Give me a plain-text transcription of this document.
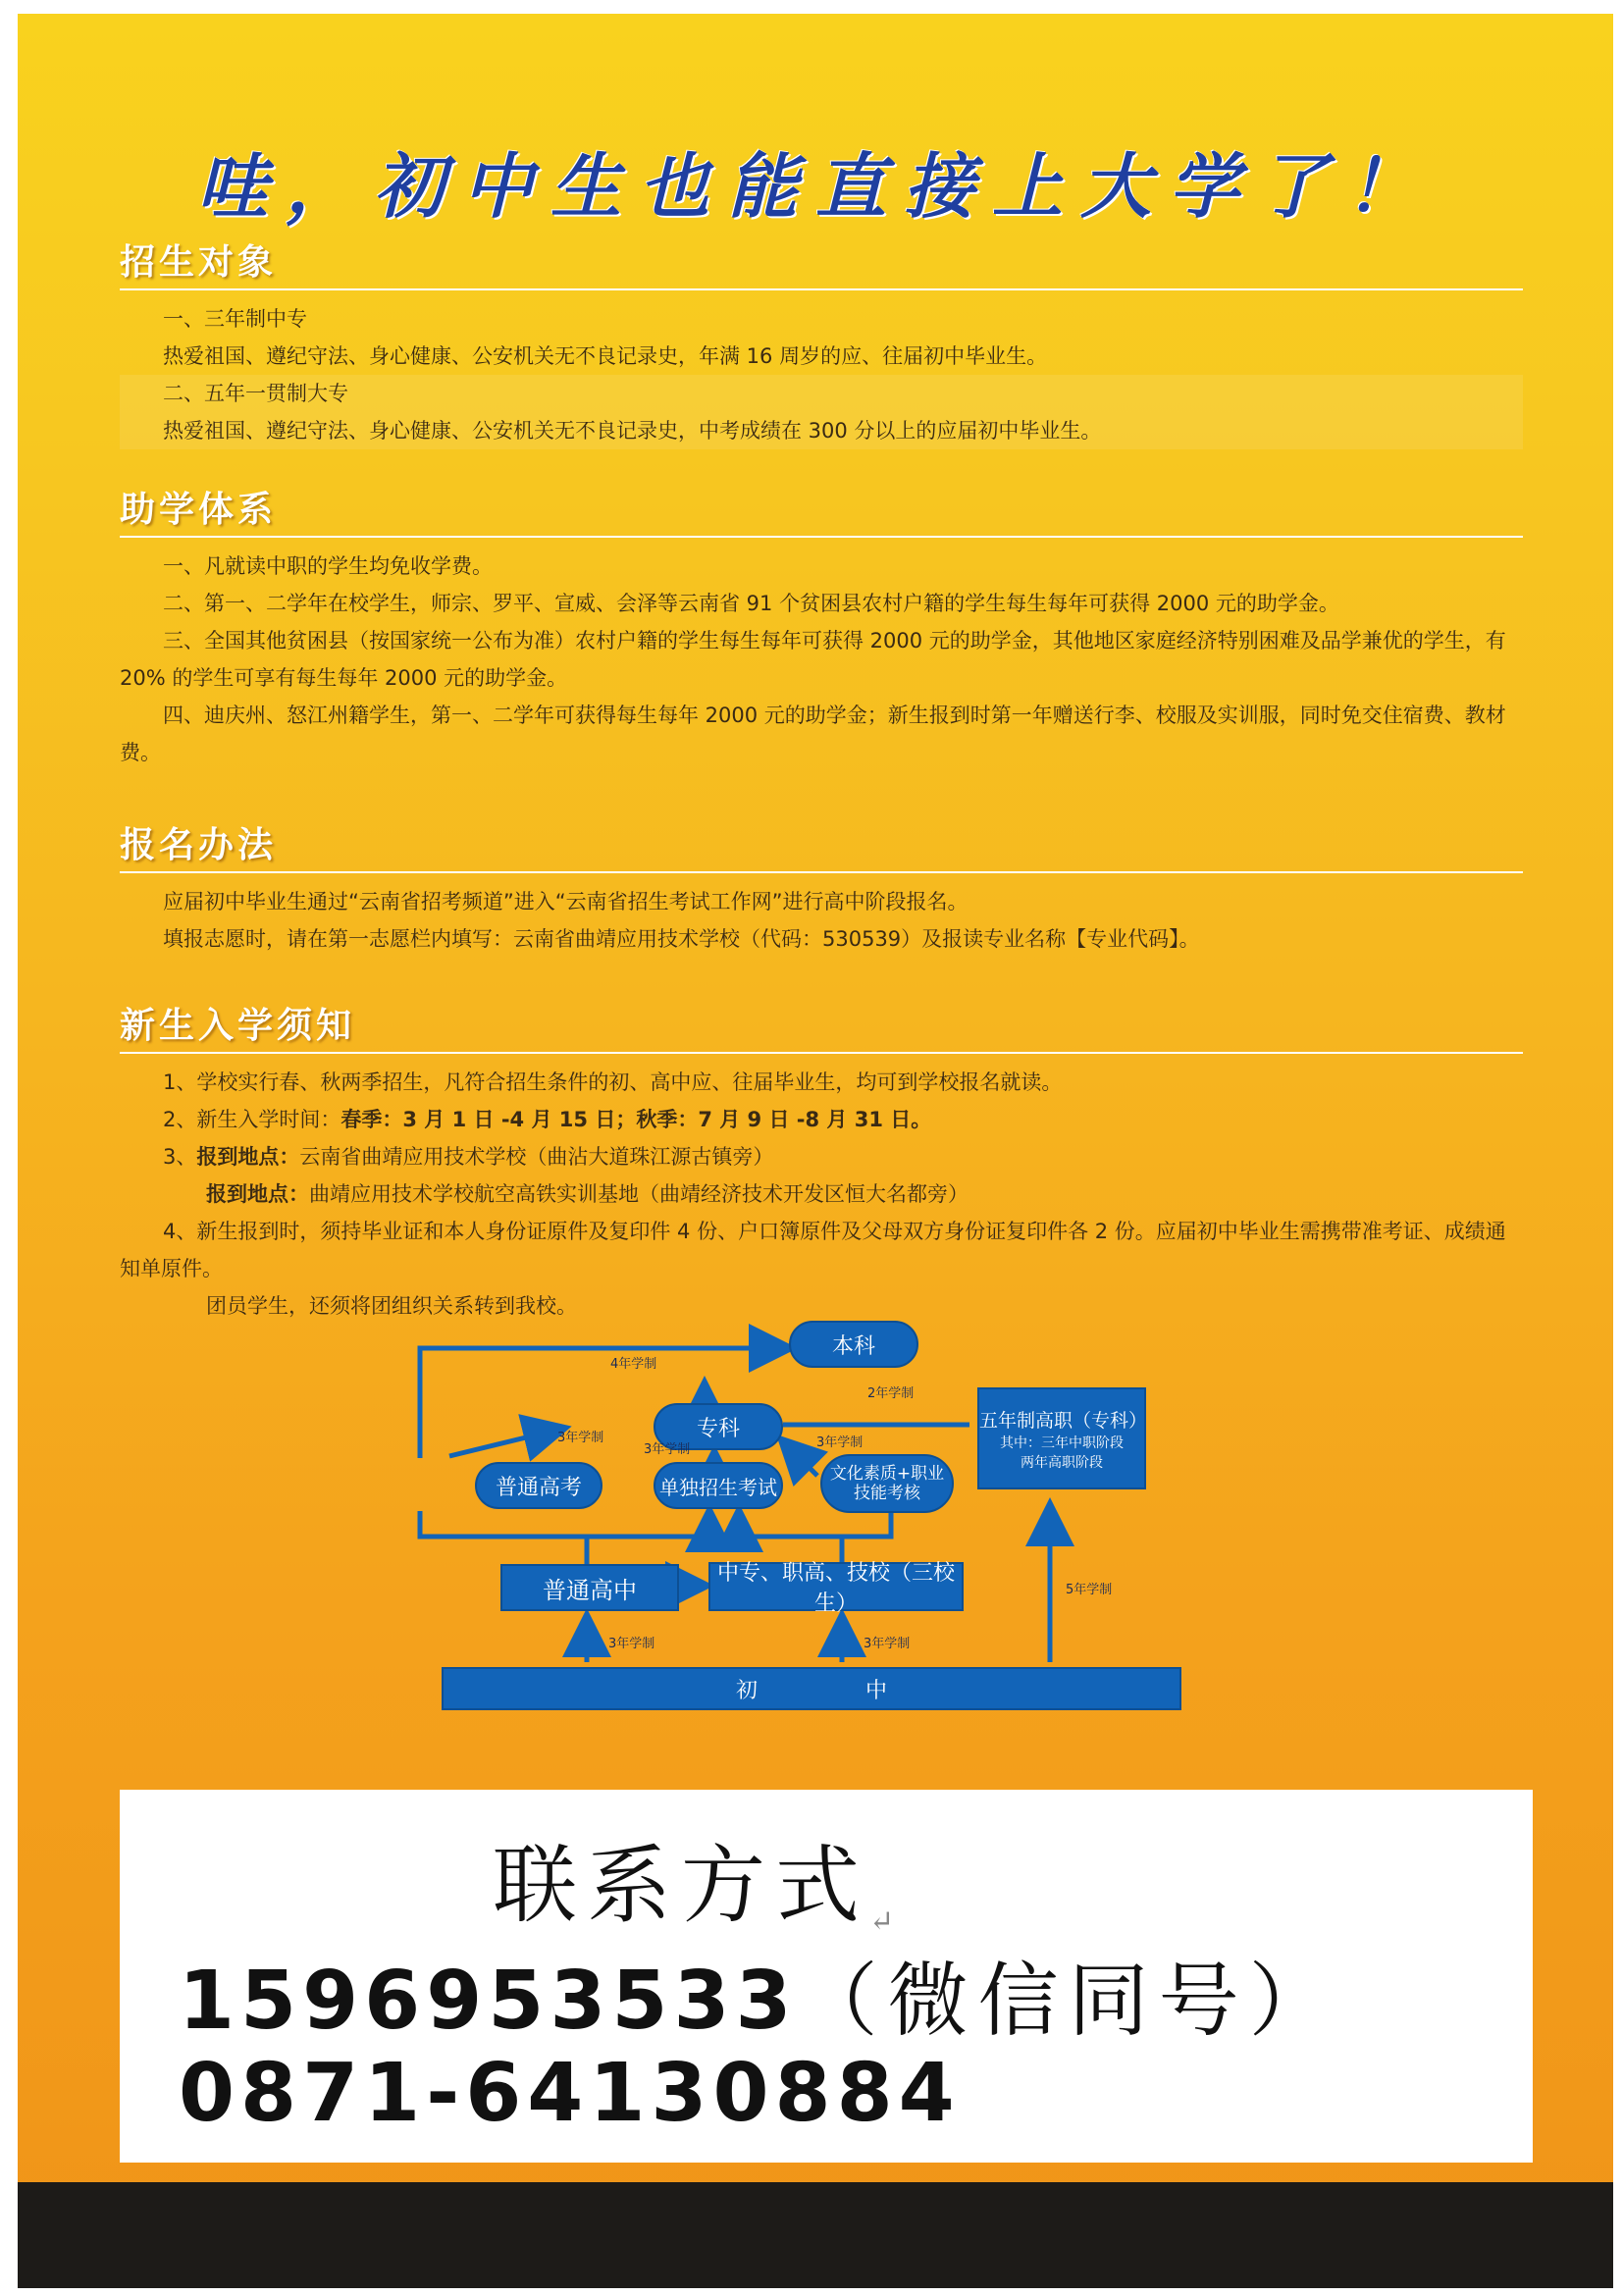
哇，初中生也能直接上大学了！
招生对象

一、三年制中专

热爱祖国、遵纪守法、身心健康、公安机关无不良记录史，年满 16 周岁的应、往届初中毕业生。

二、五年一贯制大专

热爱祖国、遵纪守法、身心健康、公安机关无不良记录史，中考成绩在 300 分以上的应届初中毕业生。

助学体系

一、凡就读中职的学生均免收学费。

二、第一、二学年在校学生，师宗、罗平、宣威、会泽等云南省 91 个贫困县农村户籍的学生每生每年可获得 2000 元的助学金。

三、全国其他贫困县（按国家统一公布为准）农村户籍的学生每生每年可获得 2000 元的助学金，其他地区家庭经济特别困难及品学兼优的学生，有 20% 的学生可享有每生每年 2000 元的助学金。

四、迪庆州、怒江州籍学生，第一、二学年可获得每生每年 2000 元的助学金；新生报到时第一年赠送行李、校服及实训服，同时免交住宿费、教材费。

报名办法

应届初中毕业生通过“云南省招考频道”进入“云南省招生考试工作网”进行高中阶段报名。

填报志愿时，请在第一志愿栏内填写：云南省曲靖应用技术学校（代码：530539）及报读专业名称【专业代码】。

新生入学须知

1、学校实行春、秋两季招生，凡符合招生条件的初、高中应、往届毕业生，均可到学校报名就读。

2、新生入学时间：春季：3 月 1 日 -4 月 15 日；秋季：7 月 9 日 -8 月 31 日。

3、报到地点：云南省曲靖应用技术学校（曲沾大道珠江源古镇旁）

报到地点：曲靖应用技术学校航空高铁实训基地（曲靖经济技术开发区恒大名都旁）

4、新生报到时，须持毕业证和本人身份证原件及复印件 4 份、户口簿原件及父母双方身份证复印件各 2 份。应届初中毕业生需携带准考证、成绩通知单原件。

团员学生，还须将团组织关系转到我校。

本科
专科	五年制高职（专科）
其中：三年中职阶段
两年高职阶段
普通高考	单独招生考试
文化素质+职业
技能考核
普通高中
中专、职高、技校（三校生）
初	中
4年学制
2年学制
3年学制
3年学制	3年学制
3年学制	3年学制
5年学制
联系方式↵
1596953533（微信同号）
0871-64130884
